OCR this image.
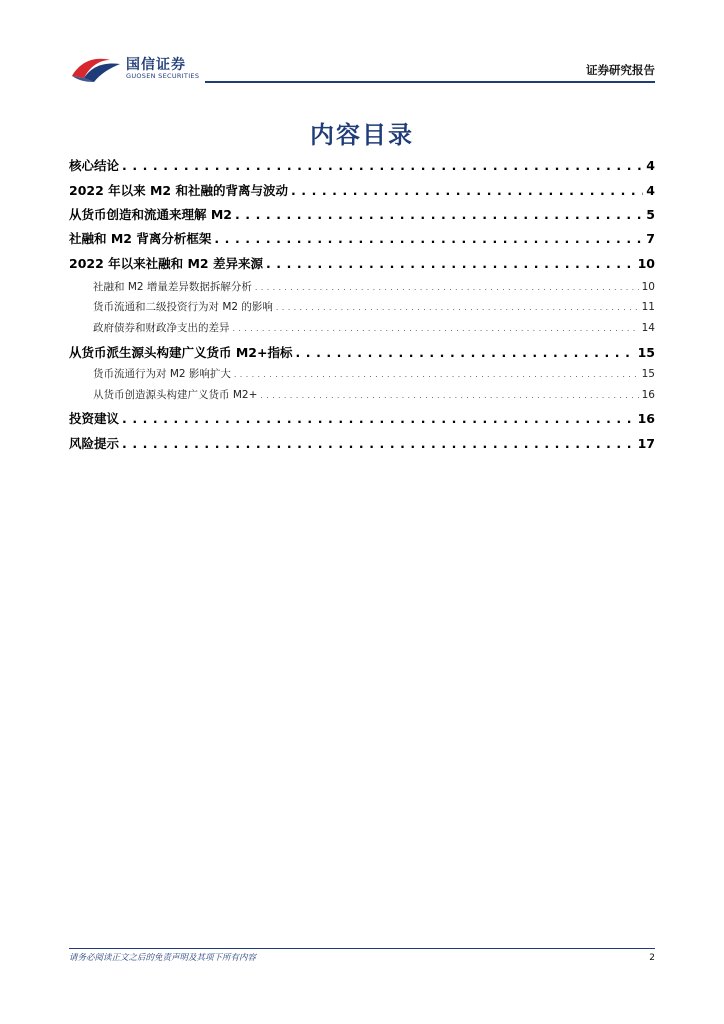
国信证券
GUOSEN SECURITIES	证券研究报告
内容目录
核心结论 . . .	4
2022 年以来 M2 和社融的背离与波动 . . .	4
从货币创造和流通来理解 M2 . . .	5
社融和 M2 背离分析框架 . . .	7
2022 年以来社融和 M2 差异来源 . . .	10
社融和 M2 增量差异数据拆解分析 . . .	10
货币流通和二级投资行为对 M2 的影响 . . .	11
政府债券和财政净支出的差异 . . .	14
从货币派生源头构建广义货币 M2+指标 . . .	15
货币流通行为对 M2 影响扩大 . . .	15
从货币创造源头构建广义货币 M2+ . . .	16
投资建议 . . .	16
风险提示 . . .	17
请务必阅读正文之后的免责声明及其项下所有内容	2
